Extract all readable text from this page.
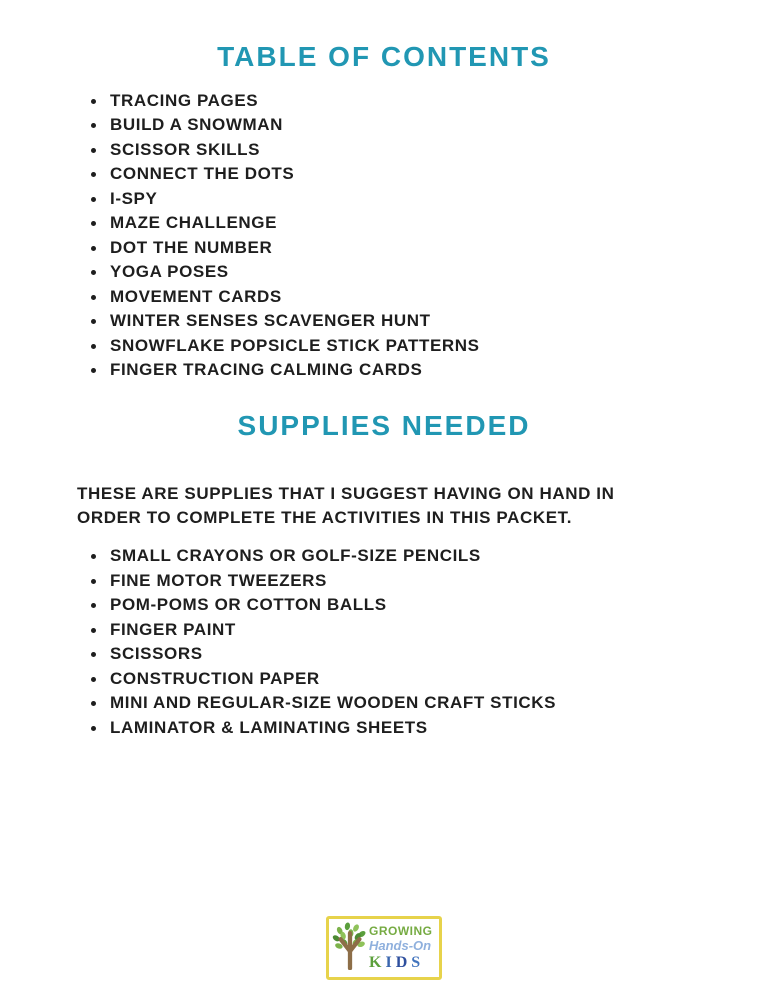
TABLE OF CONTENTS
TRACING PAGES
BUILD A SNOWMAN
SCISSOR SKILLS
CONNECT THE DOTS
I-SPY
MAZE CHALLENGE
DOT THE NUMBER
YOGA POSES
MOVEMENT CARDS
WINTER SENSES SCAVENGER HUNT
SNOWFLAKE POPSICLE STICK PATTERNS
FINGER TRACING CALMING CARDS
SUPPLIES NEEDED
THESE ARE SUPPLIES THAT I SUGGEST HAVING ON HAND IN
ORDER TO COMPLETE THE ACTIVITIES IN THIS PACKET.
SMALL CRAYONS OR GOLF-SIZE PENCILS
FINE MOTOR TWEEZERS
POM-POMS OR COTTON BALLS
FINGER PAINT
SCISSORS
CONSTRUCTION PAPER
MINI AND REGULAR-SIZE WOODEN CRAFT STICKS
LAMINATOR & LAMINATING SHEETS
GROWING
Hands-On
KIDS
